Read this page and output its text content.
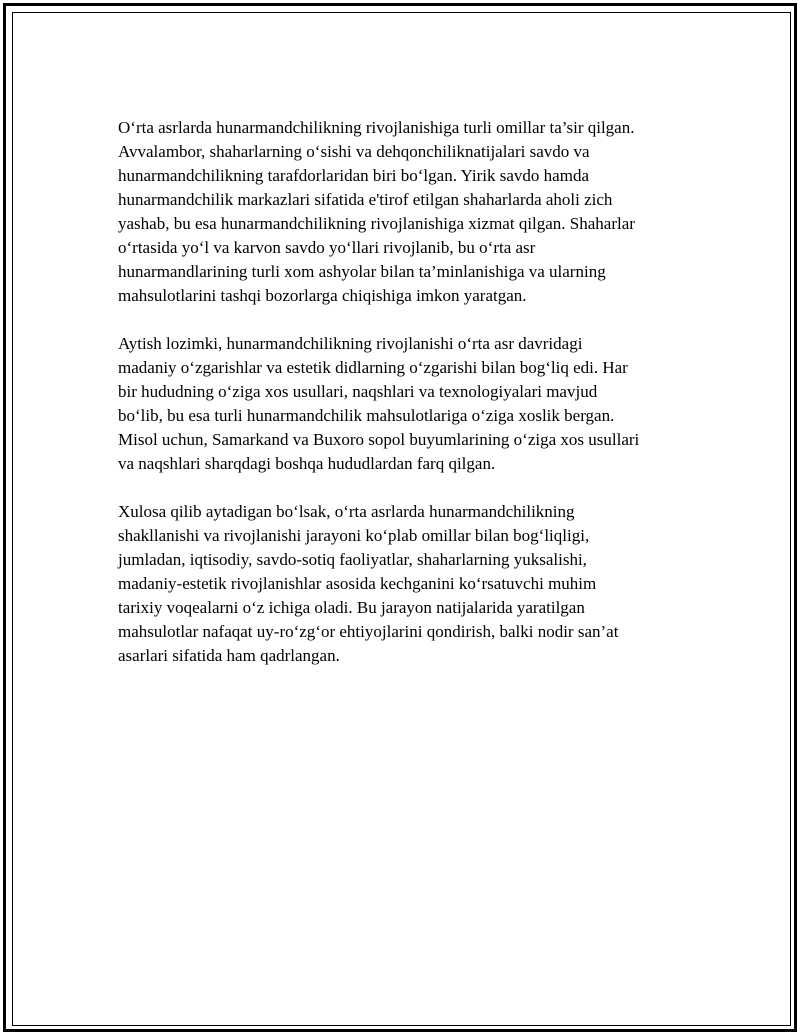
O‘rta asrlarda hunarmandchilikning rivojlanishiga turli omillar ta’sir qilgan.
Avvalambor, shaharlarning o‘sishi va dehqonchiliknatijalari savdo va
hunarmandchilikning tarafdorlaridan biri bo‘lgan. Yirik savdo hamda
hunarmandchilik markazlari sifatida e'tirof etilgan shaharlarda aholi zich
yashab, bu esa hunarmandchilikning rivojlanishiga xizmat qilgan. Shaharlar
o‘rtasida yo‘l va karvon savdo yo‘llari rivojlanib, bu o‘rta asr
hunarmandlarining turli xom ashyolar bilan ta’minlanishiga va ularning
mahsulotlarini tashqi bozorlarga chiqishiga imkon yaratgan.

Aytish lozimki, hunarmandchilikning rivojlanishi o‘rta asr davridagi
madaniy o‘zgarishlar va estetik didlarning o‘zgarishi bilan bog‘liq edi. Har
bir hududning o‘ziga xos usullari, naqshlari va texnologiyalari mavjud
bo‘lib, bu esa turli hunarmandchilik mahsulotlariga o‘ziga xoslik bergan.
Misol uchun, Samarkand va Buxoro sopol buyumlarining o‘ziga xos usullari
va naqshlari sharqdagi boshqa hududlardan farq qilgan.

Xulosa qilib aytadigan bo‘lsak, o‘rta asrlarda hunarmandchilikning
shakllanishi va rivojlanishi jarayoni ko‘plab omillar bilan bog‘liqligi,
jumladan, iqtisodiy, savdo-sotiq faoliyatlar, shaharlarning yuksalishi,
madaniy-estetik rivojlanishlar asosida kechganini ko‘rsatuvchi muhim
tarixiy voqealarni o‘z ichiga oladi. Bu jarayon natijalarida yaratilgan
mahsulotlar nafaqat uy-ro‘zg‘or ehtiyojlarini qondirish, balki nodir san’at
asarlari sifatida ham qadrlangan.
